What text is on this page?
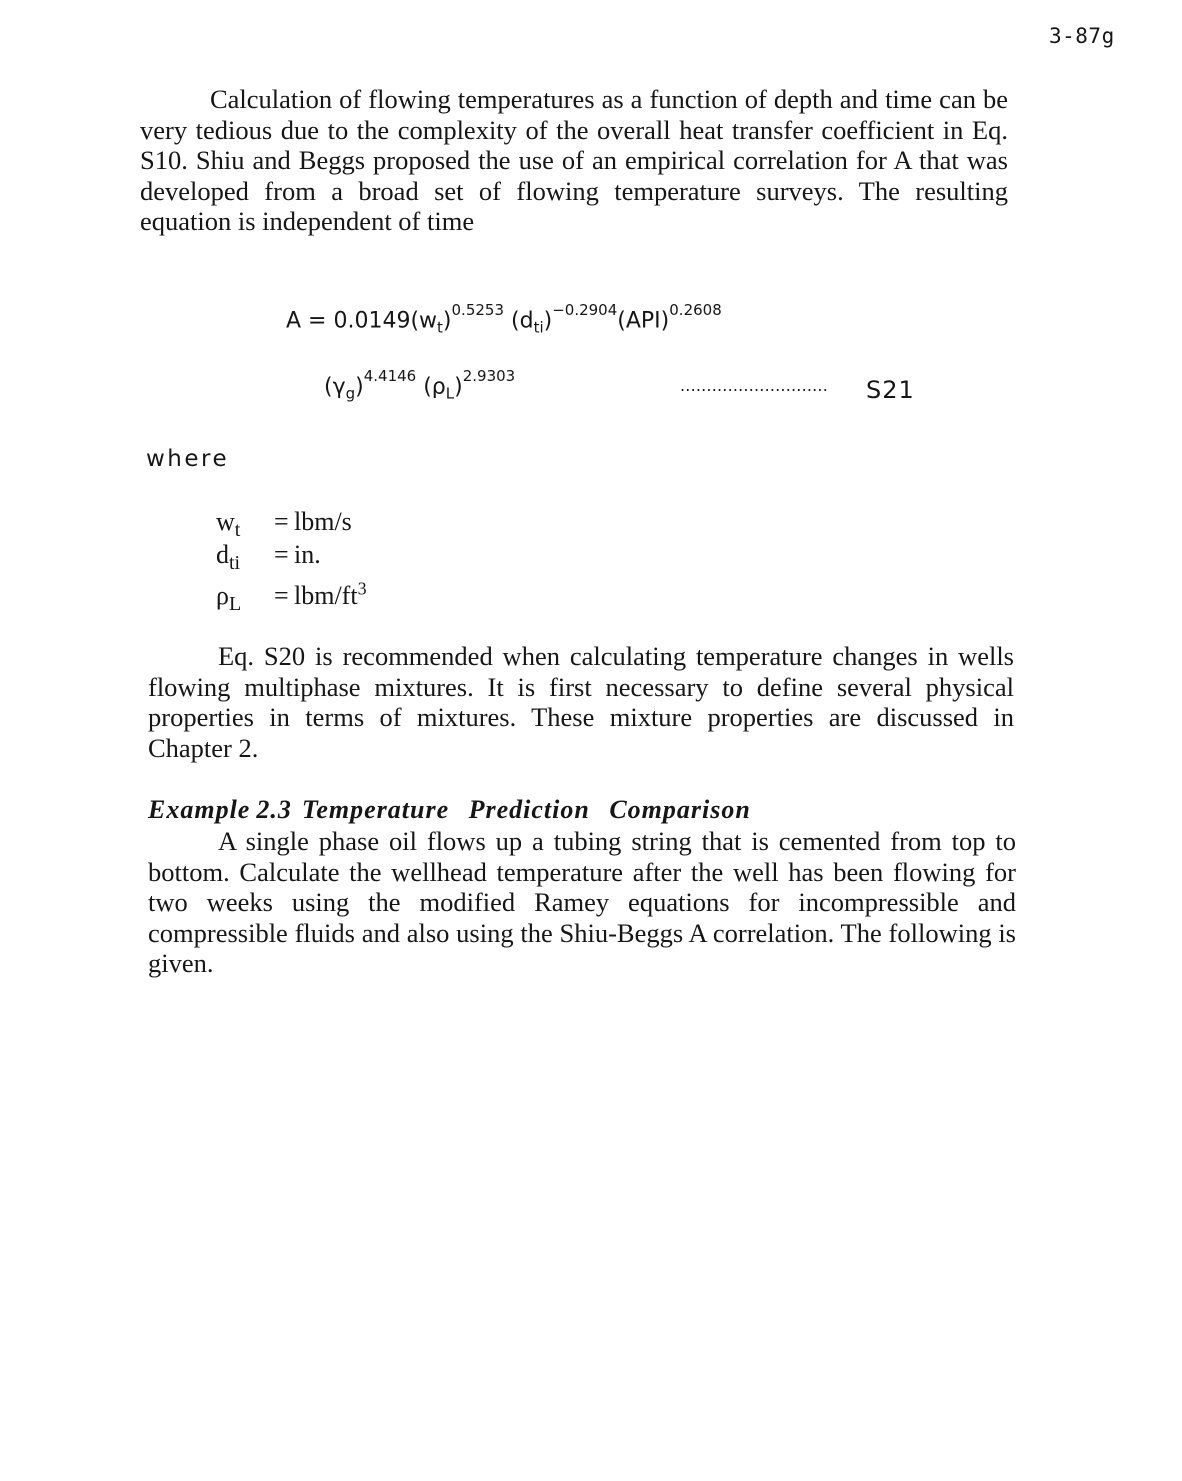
3-87g

Calculation of flowing temperatures as a function of depth and time can be very tedious due to the complexity of the overall heat transfer coefficient in Eq. S10. Shiu and Beggs proposed the use of an empirical correlation for A that was developed from a broad set of flowing temperature surveys. The resulting equation is independent of time

$A = 0.0149(w_t)^{0.5253}$ $(d_{ti})^{-0.2904}(API)^{0.2608}$
$(\gamma_g)^{4.4146}$ $(\rho_L)^{2.9303}$	............................ S21
where
$w_t = lbm/s$
$d_{ti}$ = in.
$\rho_L = lbm/ft^3$

Eq. S20 is recommended when calculating temperature changes in wells flowing multiphase mixtures. It is first necessary to define several physical properties in terms of mixtures. These mixture properties are discussed in Chapter 2.

Example 2.3 Temperature Prediction Comparison

A single phase oil flows up a tubing string that is cemented from top to bottom. Calculate the wellhead temperature after the well has been flowing for two weeks using the modified Ramey equations for incompressible and compressible fluids and also using the Shiu-Beggs A correlation. The following is given.
